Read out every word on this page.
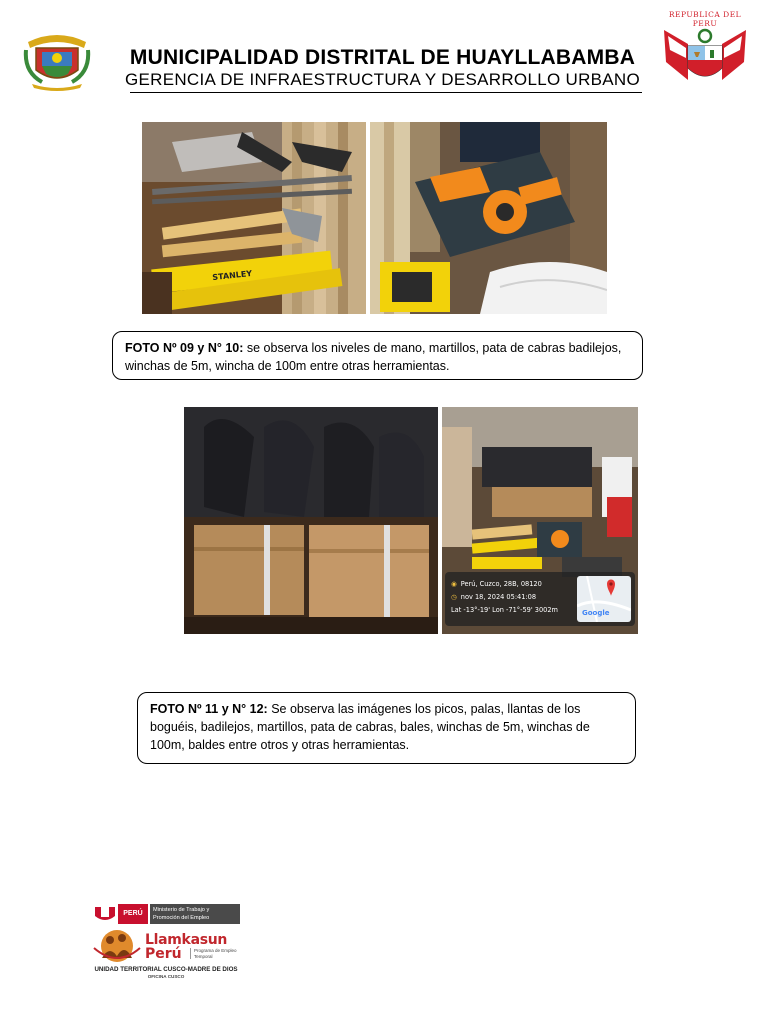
MUNICIPALIDAD DISTRITAL DE HUAYLLABAMBA
GERENCIA DE INFRAESTRUCTURA Y DESARROLLO URBANO
REPUBLICA DEL PERU
STANLEY
FOTO Nº 09 y N° 10: se observa los niveles de mano, martillos, pata de cabras badilejos, winchas de 5m, wincha de 100m entre otras herramientas.
◉ Perú, Cuzco, 28B, 08120
◷ nov 18, 2024 05:41:08
Lat -13°-19' Lon -71°-59' 3002m	Google
FOTO Nº 11 y N° 12: Se observa las imágenes los picos, palas, llantas de los boguéis, badilejos, martillos, pata de cabras, bales, winchas de 5m, winchas de 100m, baldes entre otros y otras herramientas.
PERÚ	Ministerio de Trabajo y Promoción del Empleo
Llamkasun
Perú	Programa de Empleo Temporal
UNIDAD TERRITORIAL CUSCO-MADRE DE DIOS
OFICINA CUSCO
